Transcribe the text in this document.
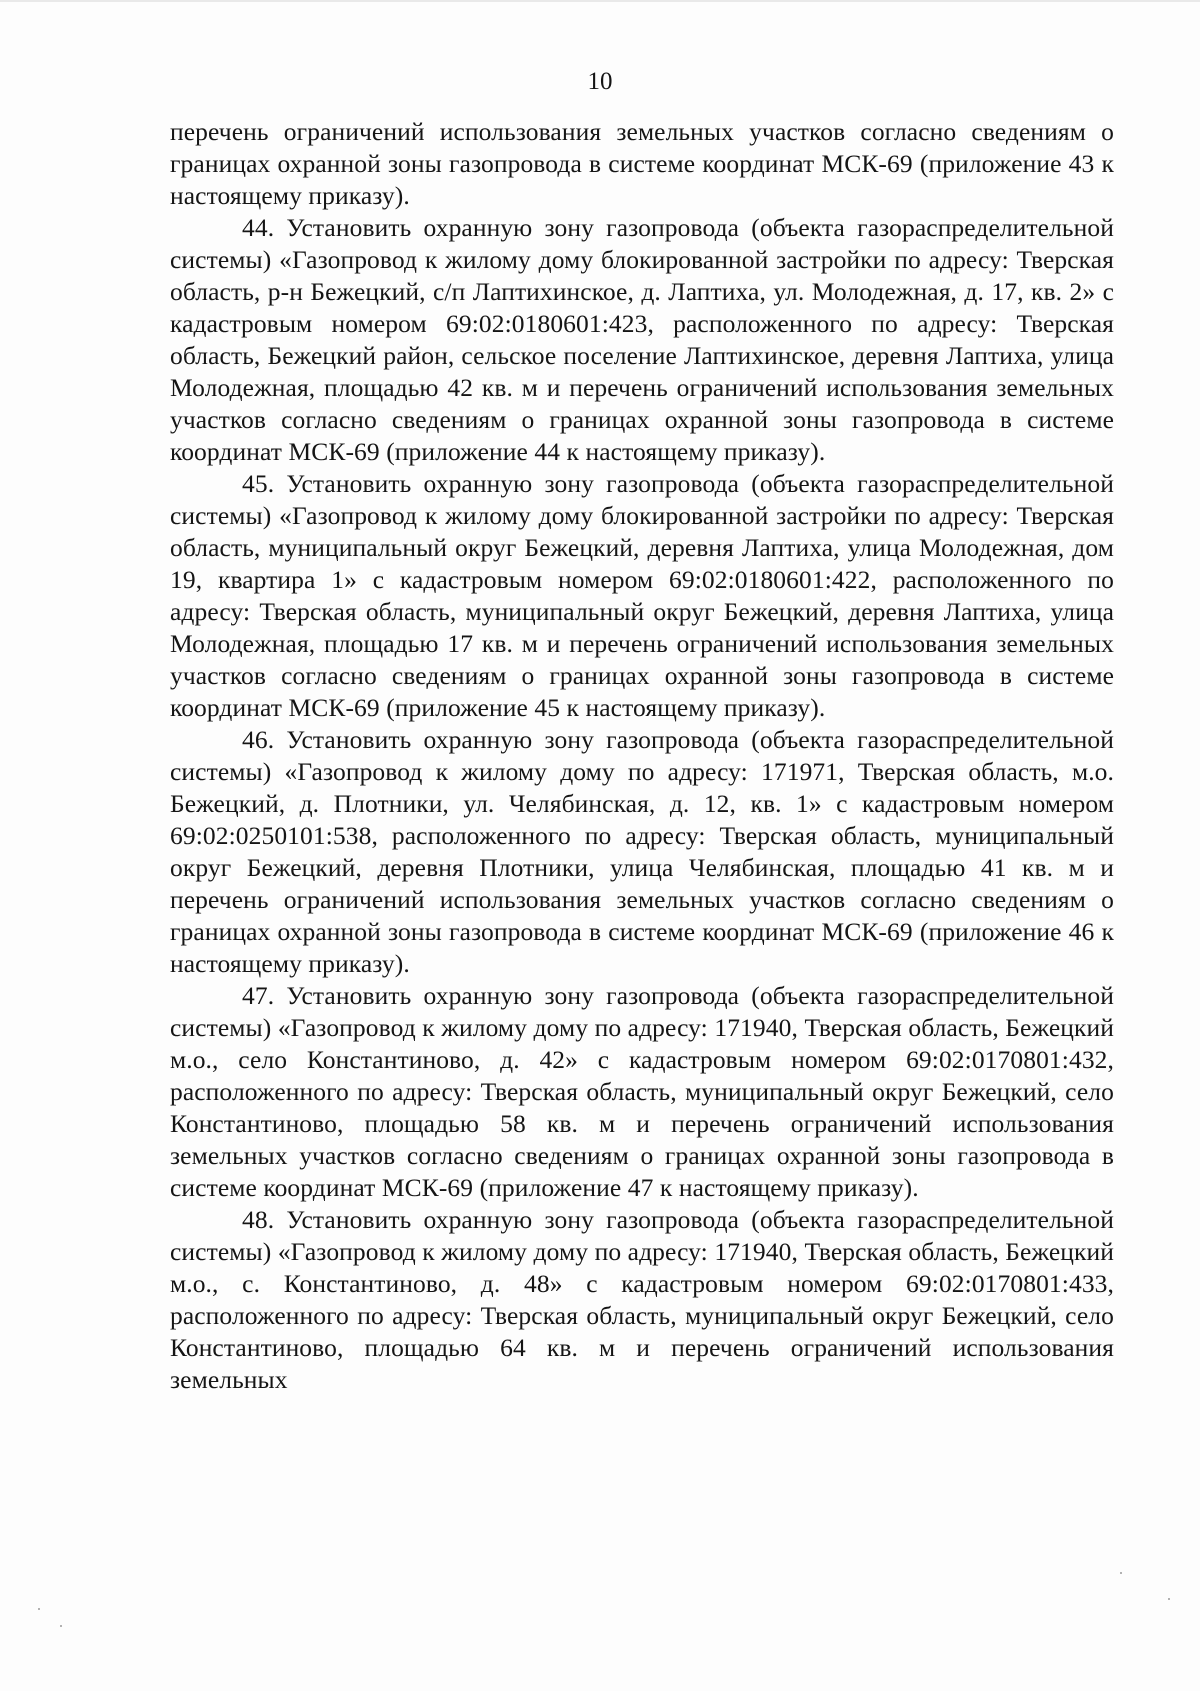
10

перечень ограничений использования земельных участков согласно сведениям о границах охранной зоны газопровода в системе координат МСК-69 (приложение 43 к настоящему приказу).

44. Установить охранную зону газопровода (объекта газораспределительной системы) «Газопровод к жилому дому блокированной застройки по адресу: Тверская область, р-н Бежецкий, с/п Лаптихинское, д. Лаптиха, ул. Молодежная, д. 17, кв. 2» с кадастровым номером 69:02:0180601:423, расположенного по адресу: Тверская область, Бежецкий район, сельское поселение Лаптихинское, деревня Лаптиха, улица Молодежная, площадью 42 кв. м и перечень ограничений использования земельных участков согласно сведениям о границах охранной зоны газопровода в системе координат МСК-69 (приложение 44 к настоящему приказу).

45. Установить охранную зону газопровода (объекта газораспределительной системы) «Газопровод к жилому дому блокированной застройки по адресу: Тверская область, муниципальный округ Бежецкий, деревня Лаптиха, улица Молодежная, дом 19, квартира 1» с кадастровым номером 69:02:0180601:422, расположенного по адресу: Тверская область, муниципальный округ Бежецкий, деревня Лаптиха, улица Молодежная, площадью 17 кв. м и перечень ограничений использования земельных участков согласно сведениям о границах охранной зоны газопровода в системе координат МСК-69 (приложение 45 к настоящему приказу).

46. Установить охранную зону газопровода (объекта газораспределительной системы) «Газопровод к жилому дому по адресу: 171971, Тверская область, м.о. Бежецкий, д. Плотники, ул. Челябинская, д. 12, кв. 1» с кадастровым номером 69:02:0250101:538, расположенного по адресу: Тверская область, муниципальный округ Бежецкий, деревня Плотники, улица Челябинская, площадью 41 кв. м и перечень ограничений использования земельных участков согласно сведениям о границах охранной зоны газопровода в системе координат МСК-69 (приложение 46 к настоящему приказу).

47. Установить охранную зону газопровода (объекта газораспределительной системы) «Газопровод к жилому дому по адресу: 171940, Тверская область, Бежецкий м.о., село Константиново, д. 42» с кадастровым номером 69:02:0170801:432, расположенного по адресу: Тверская область, муниципальный округ Бежецкий, село Константиново, площадью 58 кв. м и перечень ограничений использования земельных участков согласно сведениям о границах охранной зоны газопровода в системе координат МСК-69 (приложение 47 к настоящему приказу).

48. Установить охранную зону газопровода (объекта газораспределительной системы) «Газопровод к жилому дому по адресу: 171940, Тверская область, Бежецкий м.о., с. Константиново, д. 48» с кадастровым номером 69:02:0170801:433, расположенного по адресу: Тверская область, муниципальный округ Бежецкий, село Константиново, площадью 64 кв. м и перечень ограничений использования земельных
